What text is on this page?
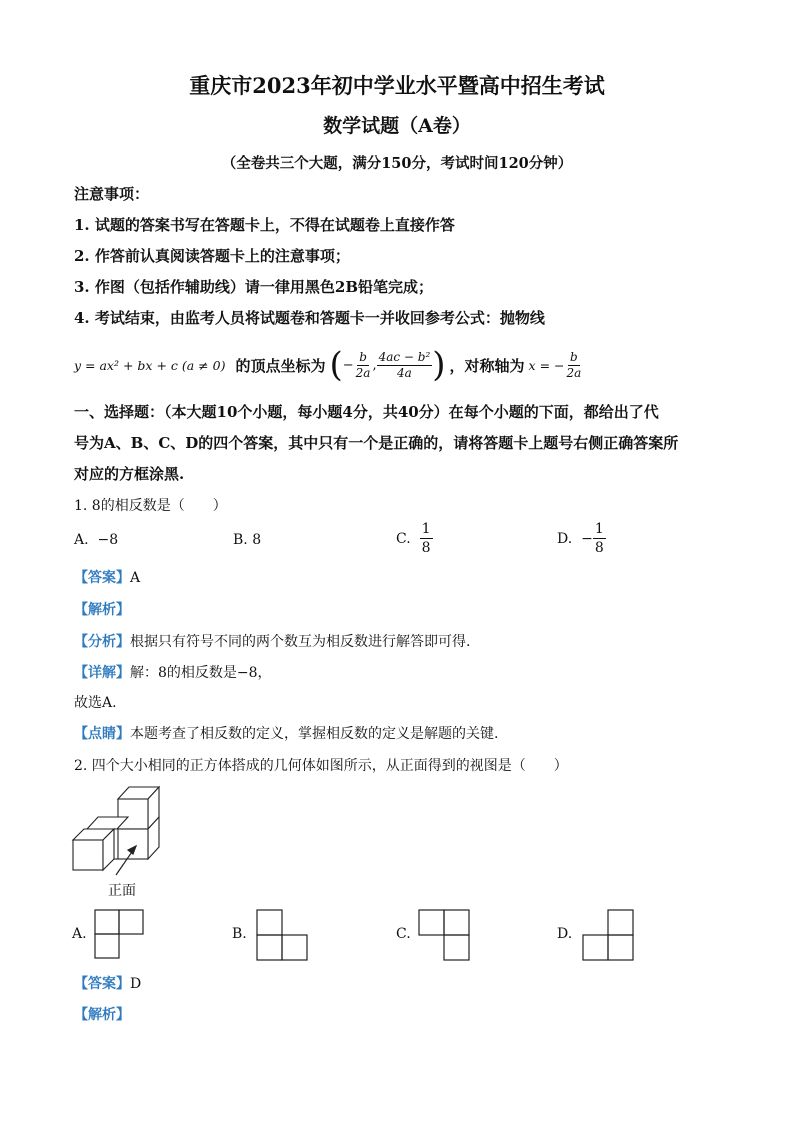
重庆市2023年初中学业水平暨高中招生考试
数学试题（A卷）
（全卷共三个大题，满分150分，考试时间120分钟）
注意事项：
1. 试题的答案书写在答题卡上，不得在试题卷上直接作答
2. 作答前认真阅读答题卡上的注意事项；
3. 作图（包括作辅助线）请一律用黑色2B铅笔完成；
4. 考试结束，由监考人员将试题卷和答题卡一并收回参考公式：抛物线
y = ax² + bx + c (a ≠ 0) 的顶点坐标为 ( − $\frac{b}{2a}$ , $\frac{\text{4ac − b²}}{4a}$ ) ，对称轴为 x = − $\frac{b}{2a}$
一、选择题：（本大题10个小题，每小题4分，共40分）在每个小题的下面，都给出了代
号为A、B、C、D的四个答案，其中只有一个是正确的，请将答题卡上题号右侧正确答案所
对应的方框涂黑.
1. 8的相反数是（　　）
A. −8	B. 8	C.
$\frac{1}{8}$	D.
− $\frac{1}{8}$
【答案】A
【解析】
【分析】根据只有符号不同的两个数互为相反数进行解答即可得.
【详解】解：8的相反数是−8，
故选A.
【点睛】本题考查了相反数的定义，掌握相反数的定义是解题的关键.
2. 四个大小相同的正方体搭成的几何体如图所示，从正面得到的视图是（　　）
正面
A.	B.	C.	D.
【答案】D
【解析】
